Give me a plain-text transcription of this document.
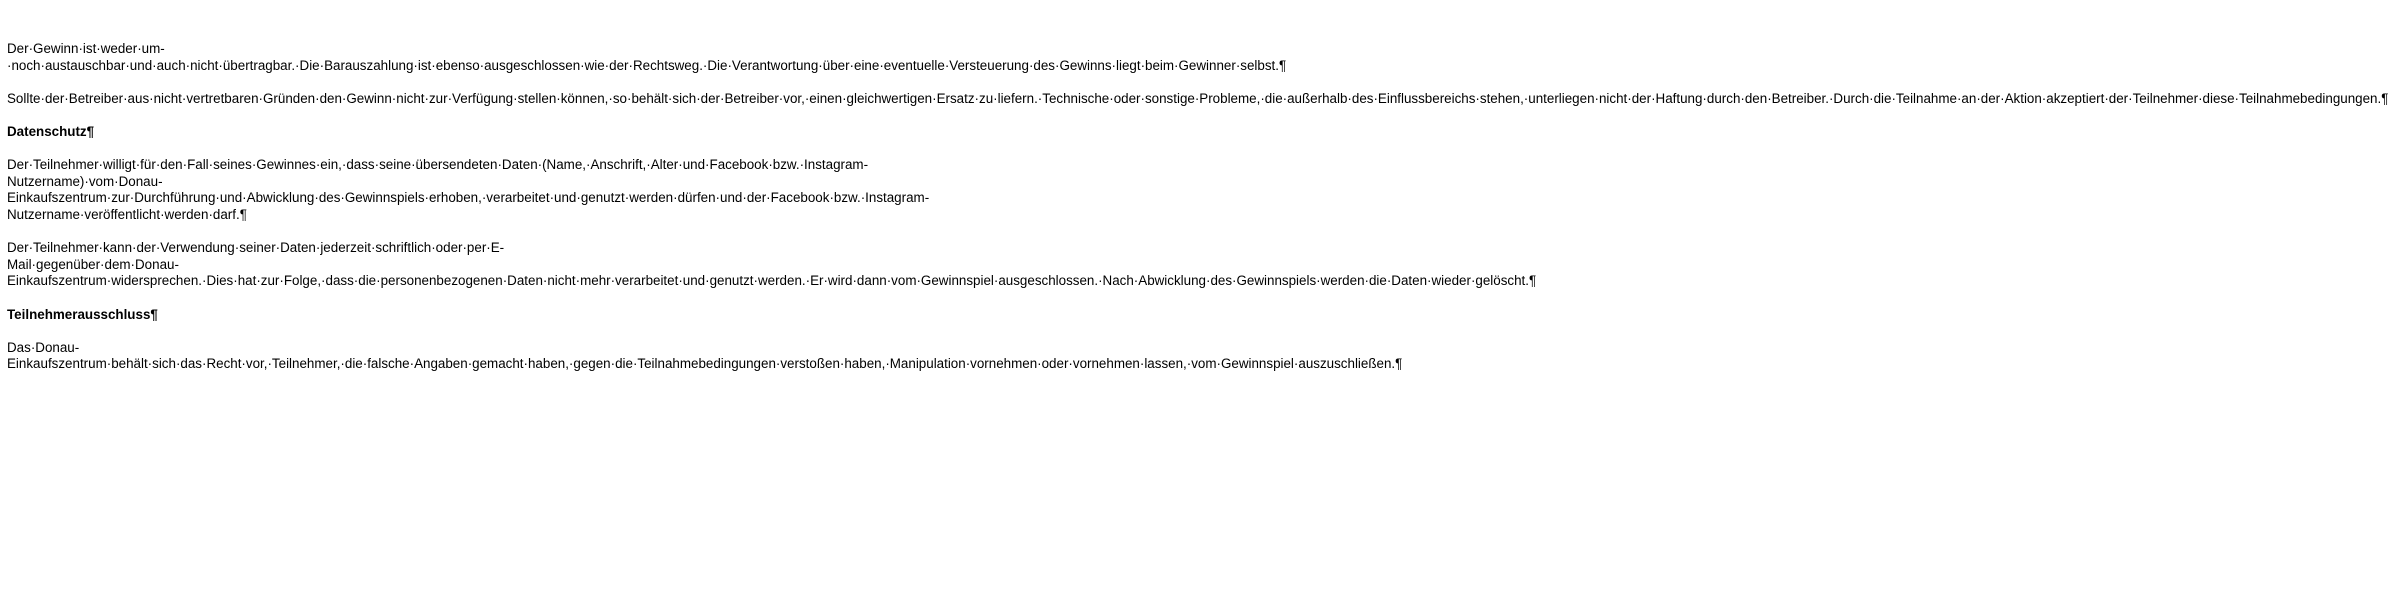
Der·Gewinn·ist·weder·um-·noch·austauschbar·und·auch·nicht·übertragbar.·Die·Barauszahlung·ist·ebenso·ausgeschlossen·wie·der·Rechtsweg.·Die·Verantwortung·über·eine·eventuelle·Versteuerung·des·Gewinns·liegt·beim·Gewinner·selbst.¶

Sollte·der·Betreiber·aus·nicht·vertretbaren·Gründen·den·Gewinn·nicht·zur·Verfügung·stellen·können,·so·behält·sich·der·Betreiber·vor,·einen·gleichwertigen·Ersatz·zu·liefern.·Technische·oder·sonstige·Probleme,·die·außerhalb·des·Einflussbereichs·stehen,·unterliegen·nicht·der·Haftung·durch·den·Betreiber.·Durch·die·Teilnahme·an·der·Aktion·akzeptiert·der·Teilnehmer·diese·Teilnahmebedingungen.¶

Datenschutz¶

Der·Teilnehmer·willigt·für·den·Fall·seines·Gewinnes·ein,·dass·seine·übersendeten·Daten·(Name,·Anschrift,·Alter·und·Facebook·bzw.·Instagram-Nutzername)·vom·Donau-Einkaufszentrum·zur·Durchführung·und·Abwicklung·des·Gewinnspiels·erhoben,·verarbeitet·und·genutzt·werden·dürfen·und·der·Facebook·bzw.·Instagram-Nutzername·veröffentlicht·werden·darf.¶

Der·Teilnehmer·kann·der·Verwendung·seiner·Daten·jederzeit·schriftlich·oder·per·E-Mail·gegenüber·dem·Donau-Einkaufszentrum·widersprechen.·Dies·hat·zur·Folge,·dass·die·personenbezogenen·Daten·nicht·mehr·verarbeitet·und·genutzt·werden.·Er·wird·dann·vom·Gewinnspiel·ausgeschlossen.·Nach·Abwicklung·des·Gewinnspiels·werden·die·Daten·wieder·gelöscht.¶

Teilnehmerausschluss¶

Das·Donau-Einkaufszentrum·behält·sich·das·Recht·vor,·Teilnehmer,·die·falsche·Angaben·gemacht·haben,·gegen·die·Teilnahmebedingungen·verstoßen·haben,·Manipulation·vornehmen·oder·vornehmen·lassen,·vom·Gewinnspiel·auszuschließen.¶
